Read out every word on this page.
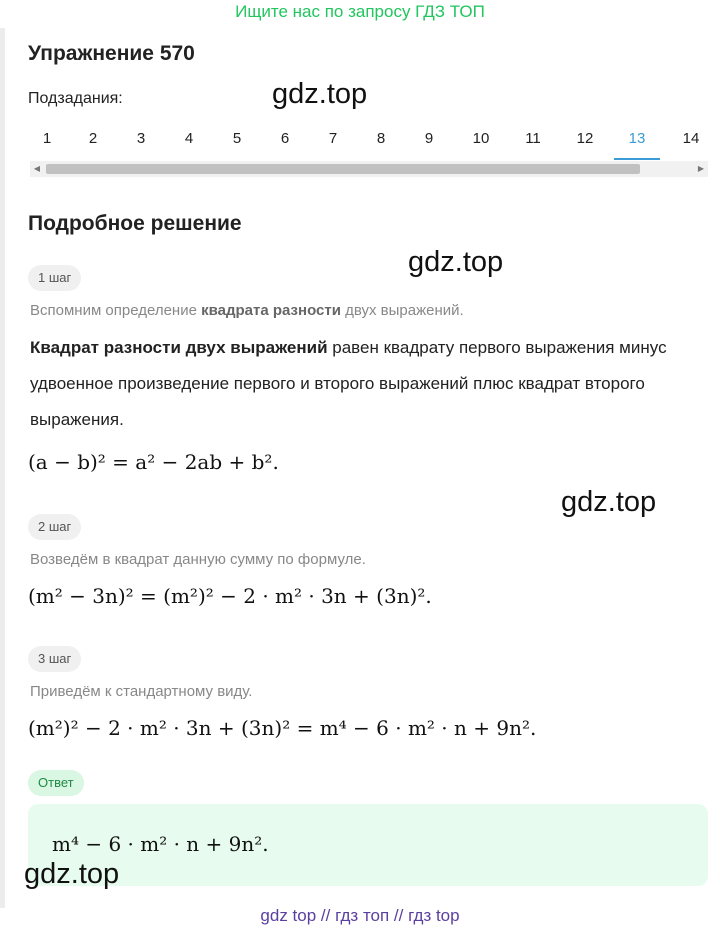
Ищите нас по запросу ГДЗ ТОП
Упражнение 570
Подзадания:
1	2	3	4	5	6	7	8	9	10	11	12	13	14
◀	▶
Подробное решение
1 шаг
Вспомним определение квадрата разности двух выражений.
Квадрат разности двух выражений равен квадрату первого выражения минус удвоенное произведение первого и второго выражений плюс квадрат второго выражения.
(a − b)² = a² − 2ab + b².
2 шаг
Возведём в квадрат данную сумму по формуле.
(m² − 3n)² = (m²)² − 2 · m² · 3n + (3n)².
3 шаг
Приведём к стандартному виду.
(m²)² − 2 · m² · 3n + (3n)² = m⁴ − 6 · m² · n + 9n².
Ответ
m⁴ − 6 · m² · n + 9n².
gdz.top
gdz.top
gdz.top
gdz.top
gdz top // гдз топ // гдз top
